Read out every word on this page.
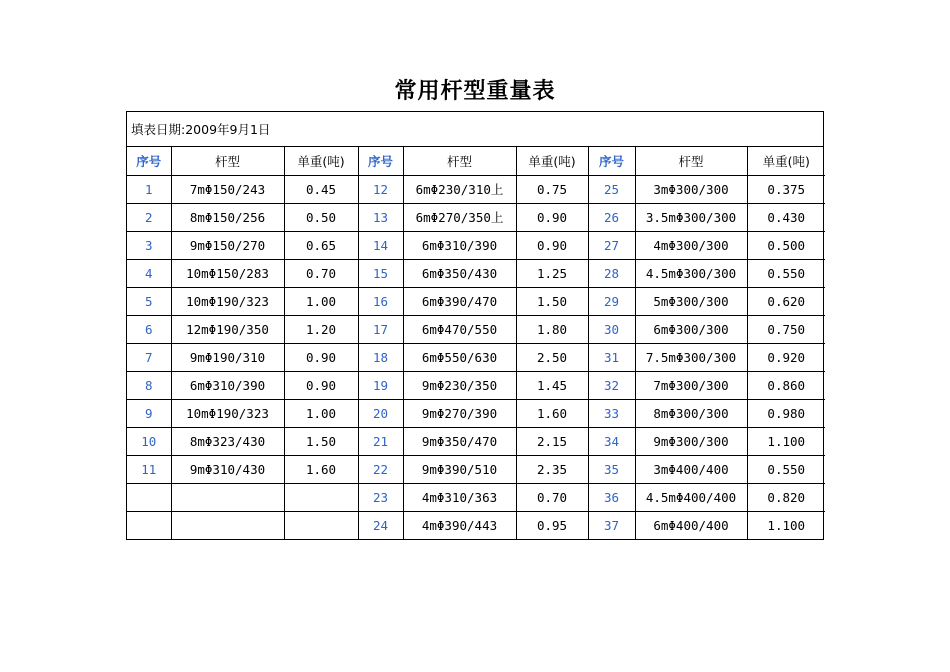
常用杆型重量表
填表日期:2009年9月1日
序号	杆型	单重(吨)	序号	杆型	单重(吨)	序号	杆型	单重(吨)
1	7mΦ150/243	0.45	12	6mΦ230/310上	0.75	25	3mΦ300/300	0.375
2	8mΦ150/256	0.50	13	6mΦ270/350上	0.90	26	3.5mΦ300/300	0.430
3	9mΦ150/270	0.65	14	6mΦ310/390	0.90	27	4mΦ300/300	0.500
4	10mΦ150/283	0.70	15	6mΦ350/430	1.25	28	4.5mΦ300/300	0.550
5	10mΦ190/323	1.00	16	6mΦ390/470	1.50	29	5mΦ300/300	0.620
6	12mΦ190/350	1.20	17	6mΦ470/550	1.80	30	6mΦ300/300	0.750
7	9mΦ190/310	0.90	18	6mΦ550/630	2.50	31	7.5mΦ300/300	0.920
8	6mΦ310/390	0.90	19	9mΦ230/350	1.45	32	7mΦ300/300	0.860
9	10mΦ190/323	1.00	20	9mΦ270/390	1.60	33	8mΦ300/300	0.980
10	8mΦ323/430	1.50	21	9mΦ350/470	2.15	34	9mΦ300/300	1.100
11	9mΦ310/430	1.60	22	9mΦ390/510	2.35	35	3mΦ400/400	0.550
			23	4mΦ310/363	0.70	36	4.5mΦ400/400	0.820
			24	4mΦ390/443	0.95	37	6mΦ400/400	1.100
